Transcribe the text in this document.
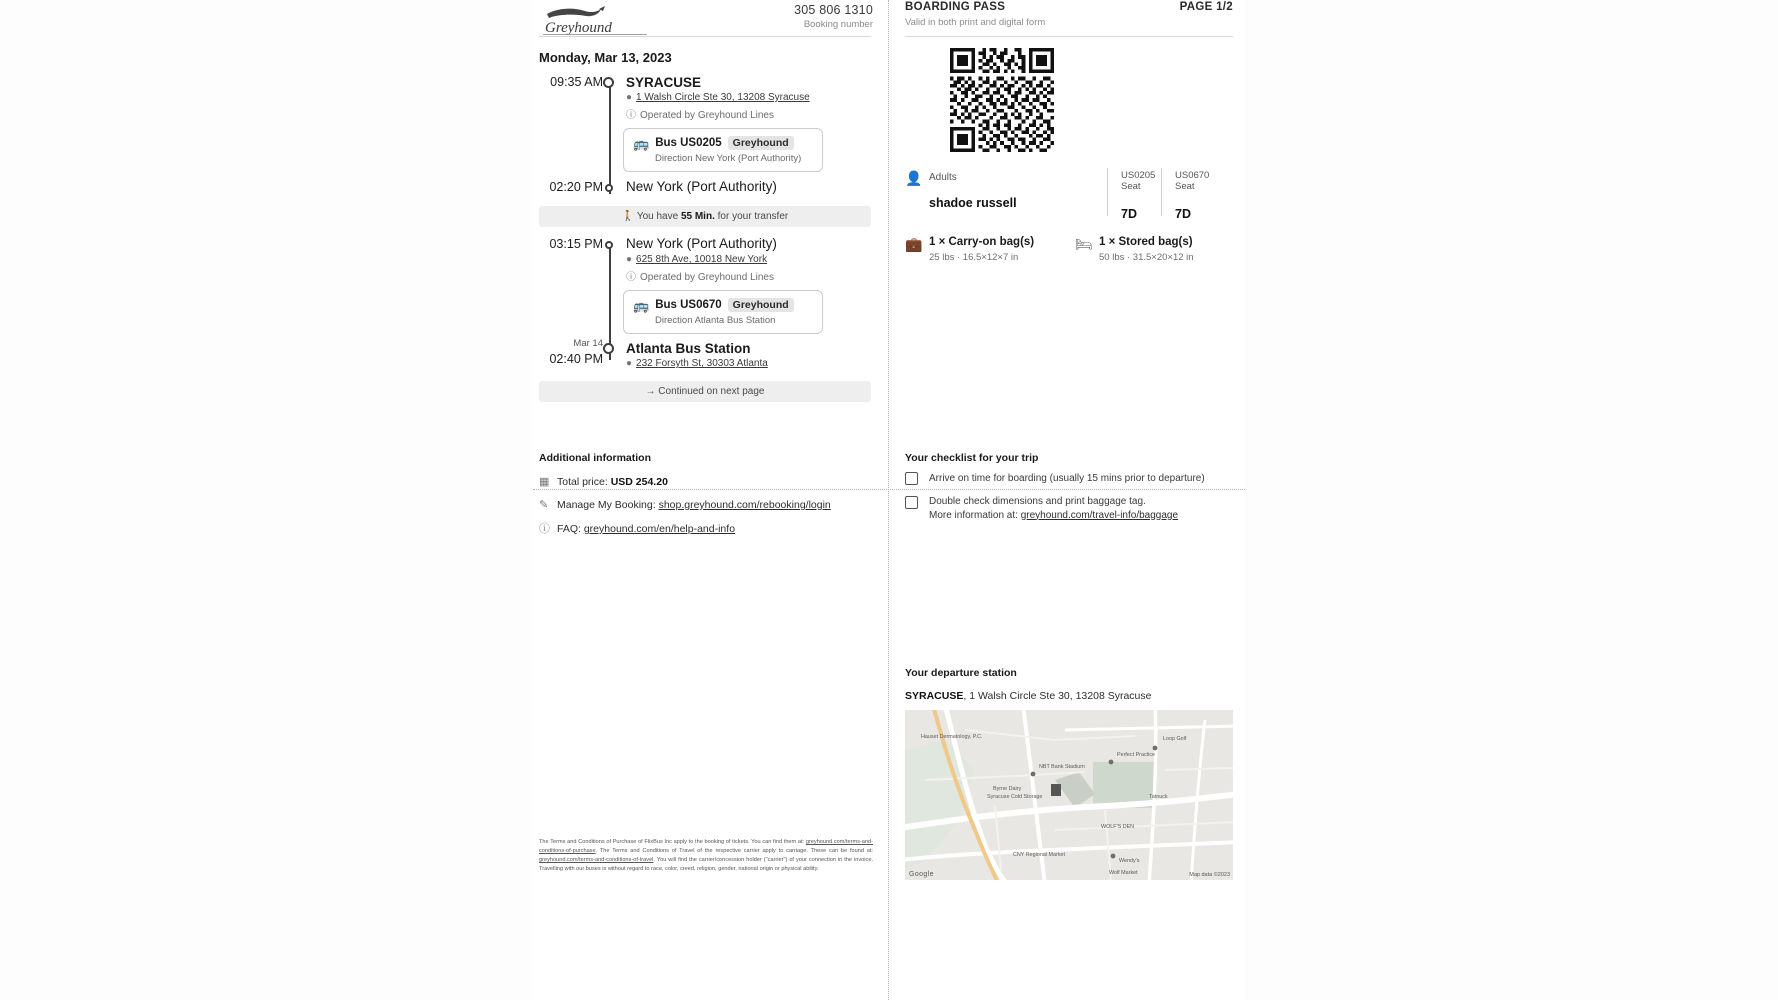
Greyhound
305 806 1310
Booking number
BOARDING PASS	PAGE 1/2
Valid in both print and digital form
Monday, Mar 13, 2023
09:35 AM SYRACUSE
● 1 Walsh Circle Ste 30, 13208 Syracuse
ⓘ Operated by Greyhound Lines
🚌 Bus US0205	Greyhound
Direction New York (Port Authority)
02:20 PM New York (Port Authority)
🚶 You have 55 Min. for your transfer
03:15 PM New York (Port Authority)
● 625 8th Ave, 10018 New York
ⓘ Operated by Greyhound Lines
🚌 Bus US0670	Greyhound
Direction Atlanta Bus Station
Mar 14
02:40 PM
Atlanta Bus Station
● 232 Forsyth St, 30303 Atlanta
→ Continued on next page
👤 Adults
shadoe russell
US0205
Seat
7D
US0670
Seat
7D
💼 1 × Carry-on bag(s)
25 lbs · 16.5×12×7 in
🛏 1 × Stored bag(s)
50 lbs · 31.5×20×12 in
Additional information
▦ Total price: USD 254.20
✎ Manage My Booking: shop.greyhound.com/rebooking/login
ⓘ FAQ: greyhound.com/en/help-and-info
Your checklist for your trip
Arrive on time for boarding (usually 15 mins prior to departure)
Double check dimensions and print baggage tag.
More information at: greyhound.com/travel-info/baggage
Your departure station
SYRACUSE, 1 Walsh Circle Ste 30, 13208 Syracuse
Hauset Dermatology, P.C.	Loop Golf
Perfect Practice
NBT Bank Stadium
Byrne Dairy
Syracuse Cold Storage	Tatnuck
WOLF'S DEN
CNY Regional Market
Wendy's
Wolf Market
Google	Map data ©2023
The Terms and Conditions of Purchase of FlixBus Inc apply to the booking of tickets. You can find them at: greyhound.com/terms-and-conditions-of-purchase. The Terms and Conditions of Travel of the respective carrier apply to carriage. These can be found at: greyhound.com/terms-and-conditions-of-travel. You will find the carrier/concession holder ("carrier") of your connection in the invoice. Travelling with our buses is without regard to race, color, creed, religion, gender, national origin or physical ability.
